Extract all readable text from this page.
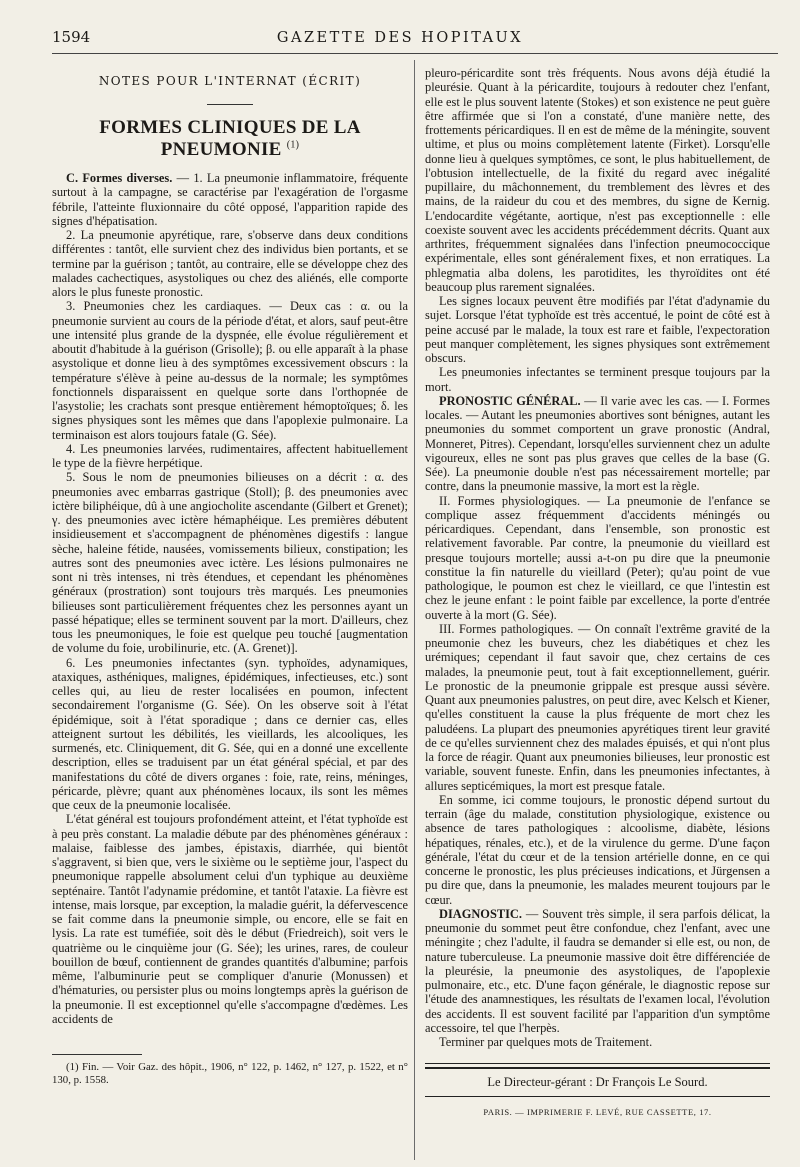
1594	GAZETTE DES HOPITAUX
NOTES POUR L'INTERNAT (ÉCRIT)
FORMES CLINIQUES DE LA PNEUMONIE $^{(1)}$

C. Formes diverses. — 1. La pneumonie inflammatoire, fréquente surtout à la campagne, se caractérise par l'exagération de l'orgasme fébrile, l'atteinte fluxionnaire du côté opposé, l'apparition rapide des signes d'hépatisation.

2. La pneumonie apyrétique, rare, s'observe dans deux conditions différentes : tantôt, elle survient chez des individus bien portants, et se termine par la guérison ; tantôt, au contraire, elle se développe chez des malades cachectiques, asystoliques ou chez des aliénés, elle comporte alors le plus funeste pronostic.

3. Pneumonies chez les cardiaques. — Deux cas : α. ou la pneumonie survient au cours de la période d'état, et alors, sauf peut-être une intensité plus grande de la dyspnée, elle évolue régulièrement et aboutit d'habitude à la guérison (Grisolle); β. ou elle apparaît à la phase asystolique et donne lieu à des symptômes excessivement obscurs : la température s'élève à peine au-dessus de la normale; les symptômes fonctionnels disparaissent en quelque sorte dans l'orthopnée de l'asystolie; les crachats sont presque entièrement hémoptoïques; δ. les signes physiques sont les mêmes que dans l'apoplexie pulmonaire. La terminaison est alors toujours fatale (G. Sée).

4. Les pneumonies larvées, rudimentaires, affectent habituellement le type de la fièvre herpétique.

5. Sous le nom de pneumonies bilieuses on a décrit : α. des pneumonies avec embarras gastrique (Stoll); β. des pneumonies avec ictère biliphéique, dû à une angiocholite ascendante (Gilbert et Grenet); γ. des pneumonies avec ictère hémaphéique. Les premières débutent insidieusement et s'accompagnent de phénomènes digestifs : langue sèche, haleine fétide, nausées, vomissements bilieux, constipation; les autres sont des pneumonies avec ictère. Les lésions pulmonaires ne sont ni très intenses, ni très étendues, et cependant les phénomènes généraux (prostration) sont toujours très marqués. Les pneumonies bilieuses sont particulièrement fréquentes chez les personnes ayant un passé hépatique; elles se terminent souvent par la mort. D'ailleurs, chez tous les pneumoniques, le foie est quelque peu touché [augmentation de volume du foie, urobilinurie, etc. (A. Grenet)].

6. Les pneumonies infectantes (syn. typhoïdes, adynamiques, ataxiques, asthéniques, malignes, épidémiques, infectieuses, etc.) sont celles qui, au lieu de rester localisées en poumon, infectent secondairement l'organisme (G. Sée). On les observe soit à l'état épidémique, soit à l'état sporadique ; dans ce dernier cas, elles atteignent surtout les débilités, les vieillards, les alcooliques, les surmenés, etc. Cliniquement, dit G. Sée, qui en a donné une excellente description, elles se traduisent par un état général spécial, et par des manifestations du côté de divers organes : foie, rate, reins, méninges, péricarde, plèvre; quant aux phénomènes locaux, ils sont les mêmes que ceux de la pneumonie localisée.

L'état général est toujours profondément atteint, et l'état typhoïde est à peu près constant. La maladie débute par des phénomènes généraux : malaise, faiblesse des jambes, épistaxis, diarrhée, qui bientôt s'aggravent, si bien que, vers le sixième ou le septième jour, l'aspect du pneumonique rappelle absolument celui d'un typhique au deuxième septénaire. Tantôt l'adynamie prédomine, et tantôt l'ataxie. La fièvre est intense, mais lorsque, par exception, la maladie guérit, la défervescence se fait comme dans la pneumonie simple, ou encore, elle se fait en lysis. La rate est tuméfiée, soit dès le début (Friedreich), soit vers le quatrième ou le cinquième jour (G. Sée); les urines, rares, de couleur bouillon de bœuf, contiennent de grandes quantités d'albumine; parfois même, l'albuminurie peut se compliquer d'anurie (Monussen) et d'hématuries, ou persister plus ou moins longtemps après la guérison de la pneumonie. Il est exceptionnel qu'elle s'accompagne d'œdèmes. Les accidents de

(1) Fin. — Voir Gaz. des hôpit., 1906, n° 122, p. 1462, n° 127, p. 1522, et n° 130, p. 1558.

pleuro-péricardite sont très fréquents. Nous avons déjà étudié la pleurésie. Quant à la péricardite, toujours à redouter chez l'enfant, elle est le plus souvent latente (Stokes) et son existence ne peut guère être affirmée que si l'on a constaté, d'une manière nette, des frottements péricardiques. Il en est de même de la méningite, souvent ultime, et plus ou moins complètement latente (Firket). Lorsqu'elle donne lieu à quelques symptômes, ce sont, le plus habituellement, de l'obtusion intellectuelle, de la fixité du regard avec inégalité pupillaire, du mâchonnement, du tremblement des lèvres et des mains, de la raideur du cou et des membres, du signe de Kernig. L'endocardite végétante, aortique, n'est pas exceptionnelle : elle coexiste souvent avec les accidents précédemment décrits. Quant aux arthrites, fréquemment signalées dans l'infection pneumococcique expérimentale, elles sont généralement fixes, et non erratiques. La phlegmatia alba dolens, les parotidites, les thyroïdites ont été beaucoup plus rarement signalées.

Les signes locaux peuvent être modifiés par l'état d'adynamie du sujet. Lorsque l'état typhoïde est très accentué, le point de côté est à peine accusé par le malade, la toux est rare et faible, l'expectoration peut manquer complètement, les signes physiques sont extrêmement obscurs.

Les pneumonies infectantes se terminent presque toujours par la mort.

PRONOSTIC GÉNÉRAL. — Il varie avec les cas. — I. Formes locales. — Autant les pneumonies abortives sont bénignes, autant les pneumonies du sommet comportent un grave pronostic (Andral, Monneret, Pitres). Cependant, lorsqu'elles surviennent chez un adulte vigoureux, elles ne sont pas plus graves que celles de la base (G. Sée). La pneumonie double n'est pas nécessairement mortelle; par contre, dans la pneumonie massive, la mort est la règle.

II. Formes physiologiques. — La pneumonie de l'enfance se complique assez fréquemment d'accidents méningés ou péricardiques. Cependant, dans l'ensemble, son pronostic est relativement favorable. Par contre, la pneumonie du vieillard est presque toujours mortelle; aussi a-t-on pu dire que la pneumonie constitue la fin naturelle du vieillard (Peter); qu'au point de vue pathologique, le poumon est chez le vieillard, ce que l'intestin est chez le jeune enfant : le point faible par excellence, la porte d'entrée ouverte à la mort (G. Sée).

III. Formes pathologiques. — On connaît l'extrême gravité de la pneumonie chez les buveurs, chez les diabétiques et chez les urémiques; cependant il faut savoir que, chez certains de ces malades, la pneumonie peut, tout à fait exceptionnellement, guérir. Le pronostic de la pneumonie grippale est presque aussi sévère. Quant aux pneumonies palustres, on peut dire, avec Kelsch et Kiener, qu'elles constituent la cause la plus fréquente de mort chez les paludéens. La plupart des pneumonies apyrétiques tirent leur gravité de ce qu'elles surviennent chez des malades épuisés, et qui n'ont plus la force de réagir. Quant aux pneumonies bilieuses, leur pronostic est variable, souvent funeste. Enfin, dans les pneumonies infectantes, à allures septicémiques, la mort est presque fatale.

En somme, ici comme toujours, le pronostic dépend surtout du terrain (âge du malade, constitution physiologique, existence ou absence de tares pathologiques : alcoolisme, diabète, lésions hépatiques, rénales, etc.), et de la virulence du germe. D'une façon générale, l'état du cœur et de la tension artérielle donne, en ce qui concerne le pronostic, les plus précieuses indications, et Jürgensen a pu dire que, dans la pneumonie, les malades meurent toujours par le cœur.

DIAGNOSTIC. — Souvent très simple, il sera parfois délicat, la pneumonie du sommet peut être confondue, chez l'enfant, avec une méningite ; chez l'adulte, il faudra se demander si elle est, ou non, de nature tuberculeuse. La pneumonie massive doit être différenciée de la pleurésie, la pneumonie des asystoliques, de l'apoplexie pulmonaire, etc., etc. D'une façon générale, le diagnostic repose sur l'étude des anamnestiques, les résultats de l'examen local, l'évolution des accidents. Il est souvent facilité par l'apparition d'un symptôme accessoire, tel que l'herpès.

Terminer par quelques mots de Traitement.

Le Directeur-gérant : Dr François Le Sourd.
PARIS. — IMPRIMERIE F. LEVÉ, RUE CASSETTE, 17.
